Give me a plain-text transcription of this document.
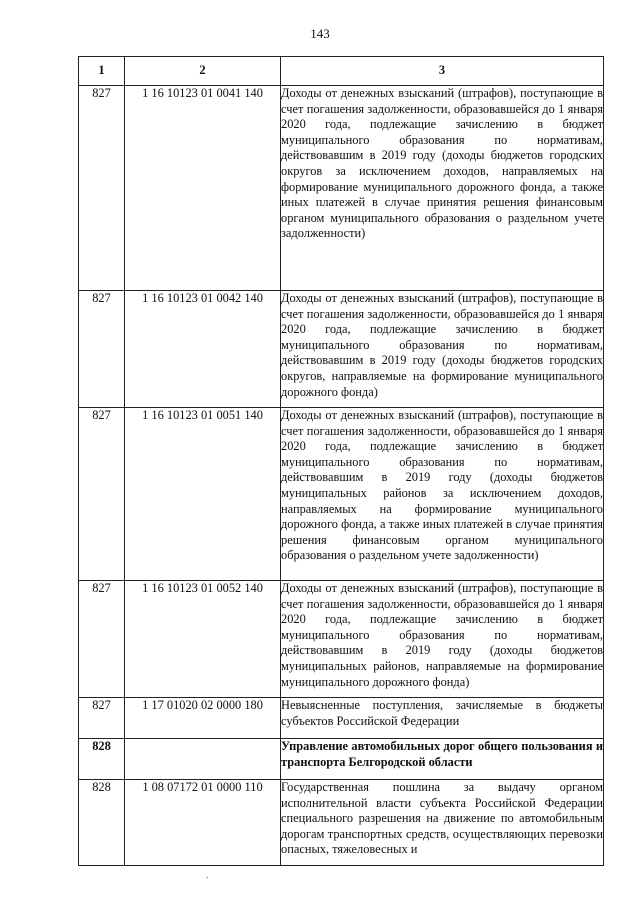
143
1	2	3
827	1 16 10123 01 0041 140	Доходы от денежных взысканий (штрафов), поступающие в счет погашения задолженности, образовавшейся до 1 января 2020 года, подлежащие зачислению в бюджет муниципального образования по нормативам, действовавшим в 2019 году (доходы бюджетов городских округов за исключением доходов, направляемых на формирование муниципального дорожного фонда, а также иных платежей в случае принятия решения финансовым органом муниципального образования о раздельном учете задолженности)
827	1 16 10123 01 0042 140	Доходы от денежных взысканий (штрафов), поступающие в счет погашения задолженности, образовавшейся до 1 января 2020 года, подлежащие зачислению в бюджет муниципального образования по нормативам, действовавшим в 2019 году (доходы бюджетов городских округов, направляемые на формирование муниципального дорожного фонда)
827	1 16 10123 01 0051 140	Доходы от денежных взысканий (штрафов), поступающие в счет погашения задолженности, образовавшейся до 1 января 2020 года, подлежащие зачислению в бюджет муниципального образования по нормативам, действовавшим в 2019 году (доходы бюджетов муниципальных районов за исключением доходов, направляемых на формирование муниципального дорожного фонда, а также иных платежей в случае принятия решения финансовым органом муниципального образования о раздельном учете задолженности)
827	1 16 10123 01 0052 140	Доходы от денежных взысканий (штрафов), поступающие в счет погашения задолженности, образовавшейся до 1 января 2020 года, подлежащие зачислению в бюджет муниципального образования по нормативам, действовавшим в 2019 году (доходы бюджетов муниципальных районов, направляемые на формирование муниципального дорожного фонда)
827	1 17 01020 02 0000 180	Невыясненные поступления, зачисляемые в бюджеты субъектов Российской Федерации
828		Управление автомобильных дорог общего пользования и транспорта Белгородской области
828	1 08 07172 01 0000 110	Государственная пошлина за выдачу органом исполнительной власти субъекта Российской Федерации специального разрешения на движение по автомобильным дорогам транспортных средств, осуществляющих перевозки опасных, тяжеловесных и
.
